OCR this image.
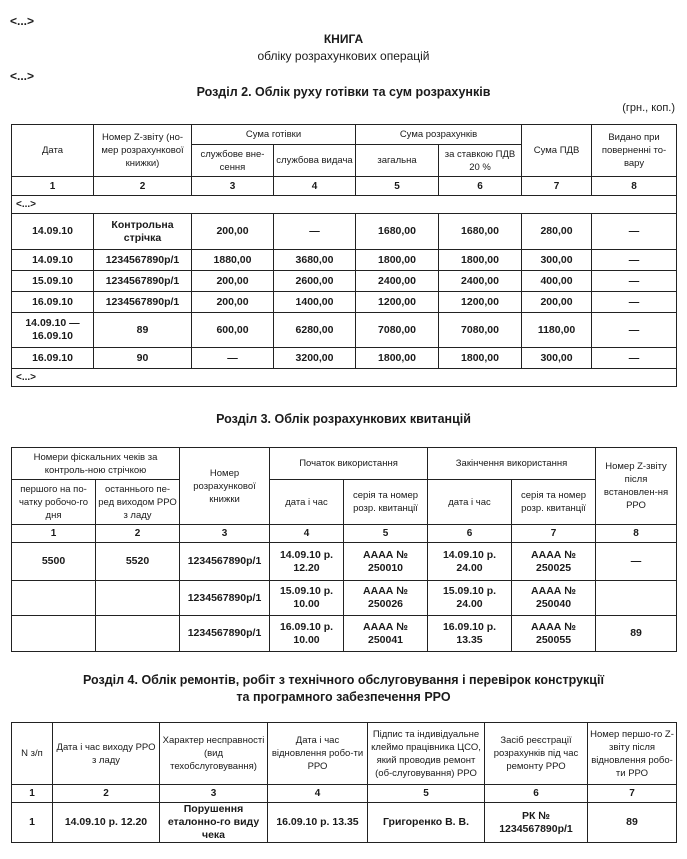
<...>
КНИГА
обліку розрахункових операцій
<...>
Розділ 2. Облік руху готівки та сум розрахунків
(грн., коп.)
Дата	Номер Z-звіту (но-мер розрахункової книжки)	Сума готівки		Сума розрахунків		Сума ПДВ	Видано при поверненні то-вару
		службове вне-сення	службова видача	загальна	за ставкою ПДВ 20 %		
1	2	3	4	5	6	7	8
<...>							
14.09.10	Контрольна стрічка	200,00	—	1680,00	1680,00	280,00	—
14.09.10	1234567890р/1	1880,00	3680,00	1800,00	1800,00	300,00	—
15.09.10	1234567890р/1	200,00	2600,00	2400,00	2400,00	400,00	—
16.09.10	1234567890р/1	200,00	1400,00	1200,00	1200,00	200,00	—
14.09.10 — 16.09.10	89	600,00	6280,00	7080,00	7080,00	1180,00	—
16.09.10	90	—	3200,00	1800,00	1800,00	300,00	—
<...>							
Розділ 3. Облік розрахункових квитанцій
Номери фіскальних чеків за контроль-ною стрічкою		Номер розрахункової книжки	Початок використання		Закінчення використання		Номер Z-звіту після встановлен-ня РРО
першого на по-чатку робочо-го дня	останнього пе-ред виходом РРО з ладу		дата і час	серія та номер розр. квитанції	дата і час	серія та номер розр. квитанції	
1	2	3	4	5	6	7	8
5500	5520	1234567890р/1	14.09.10 р. 12.20	АААА № 250010	14.09.10 р. 24.00	АААА № 250025	—
		1234567890р/1	15.09.10 р. 10.00	АААА № 250026	15.09.10 р. 24.00	АААА № 250040	
		1234567890р/1	16.09.10 р. 10.00	АААА № 250041	16.09.10 р. 13.35	АААА № 250055	89
Розділ 4. Облік ремонтів, робіт з технічного обслуговування і перевірок конструкції
та програмного забезпечення РРО
N з/п	Дата і час виходу РРО з ладу	Характер несправності (вид техобслуговування)	Дата і час відновлення робо-ти РРО	Підпис та індивідуальне клеймо працівника ЦСО, який проводив ремонт (об-слуговування) РРО	Засіб реєстрації розрахунків під час ремонту РРО	Номер першо-го Z-звіту після відновлення робо-ти РРО
1	2	3	4	5	6	7
1	14.09.10 р. 12.20	Порушення еталонно-го виду чека	16.09.10 р. 13.35	Григоренко В. В.	РК № 1234567890р/1	89
